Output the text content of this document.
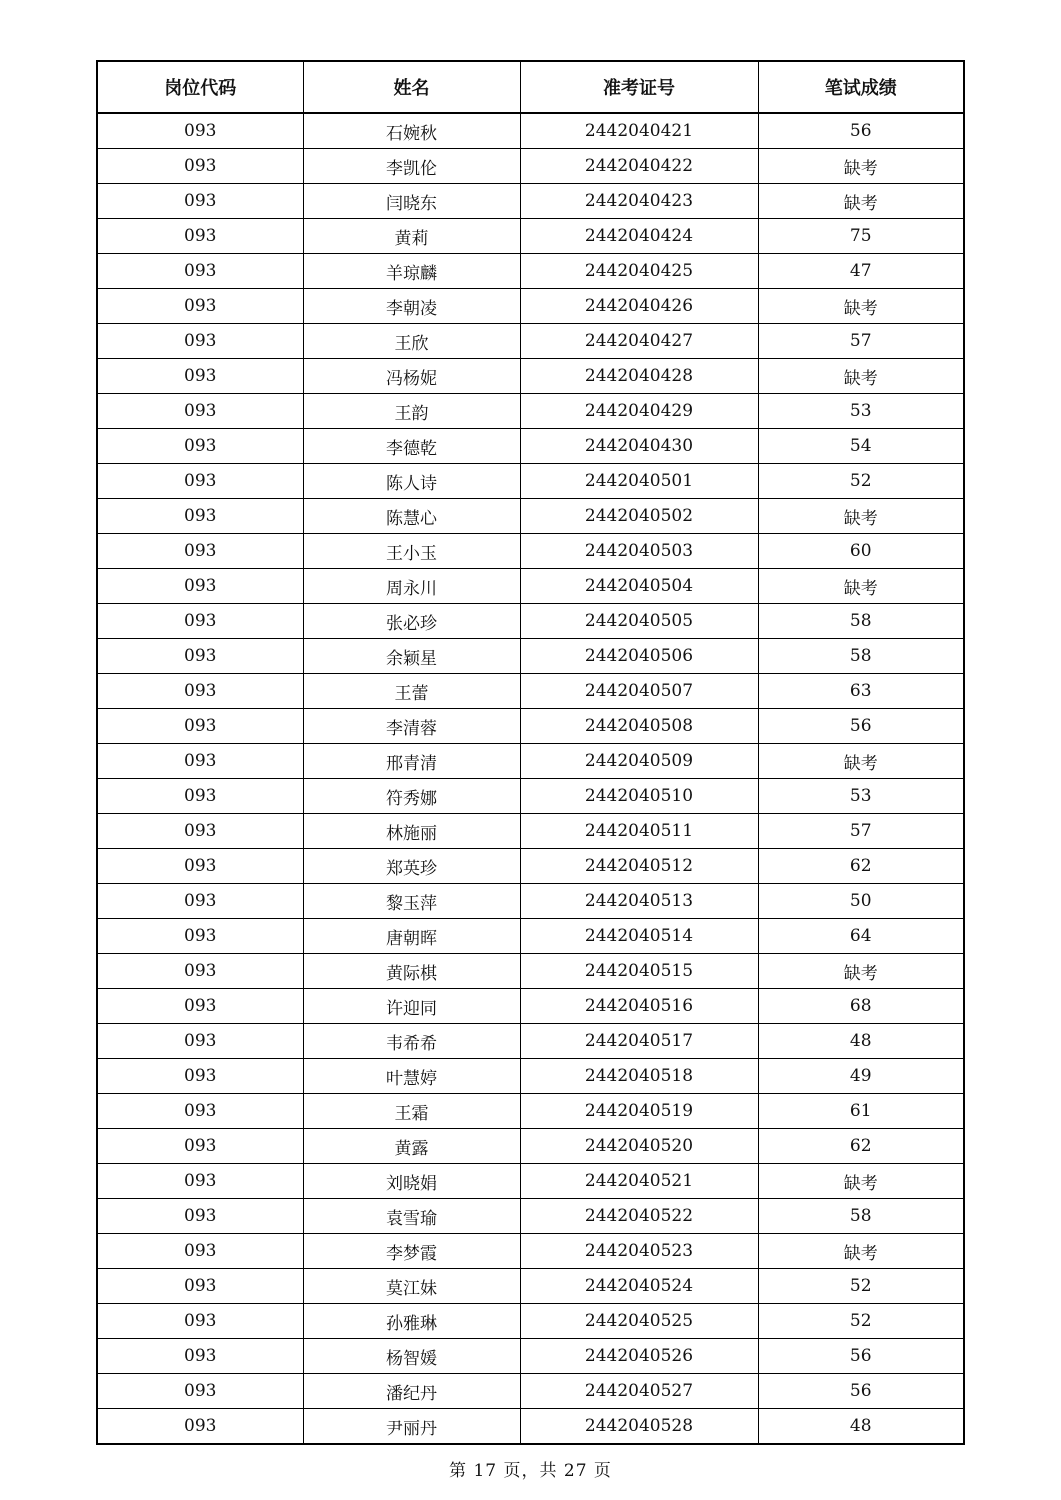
岗位代码	姓名	准考证号	笔试成绩
093	石婉秋	2442040421	56
093	李凯伦	2442040422	缺考
093	闫晓东	2442040423	缺考
093	黄莉	2442040424	75
093	羊琼麟	2442040425	47
093	李朝凌	2442040426	缺考
093	王欣	2442040427	57
093	冯杨妮	2442040428	缺考
093	王韵	2442040429	53
093	李德乾	2442040430	54
093	陈人诗	2442040501	52
093	陈慧心	2442040502	缺考
093	王小玉	2442040503	60
093	周永川	2442040504	缺考
093	张必珍	2442040505	58
093	余颖星	2442040506	58
093	王蕾	2442040507	63
093	李清蓉	2442040508	56
093	邢青清	2442040509	缺考
093	符秀娜	2442040510	53
093	林施丽	2442040511	57
093	郑英珍	2442040512	62
093	黎玉萍	2442040513	50
093	唐朝晖	2442040514	64
093	黄际棋	2442040515	缺考
093	许迎同	2442040516	68
093	韦希希	2442040517	48
093	叶慧婷	2442040518	49
093	王霜	2442040519	61
093	黄露	2442040520	62
093	刘晓娟	2442040521	缺考
093	袁雪瑜	2442040522	58
093	李梦霞	2442040523	缺考
093	莫江妹	2442040524	52
093	孙雅琳	2442040525	52
093	杨智媛	2442040526	56
093	潘纪丹	2442040527	56
093	尹丽丹	2442040528	48
第 17 页，共 27 页
